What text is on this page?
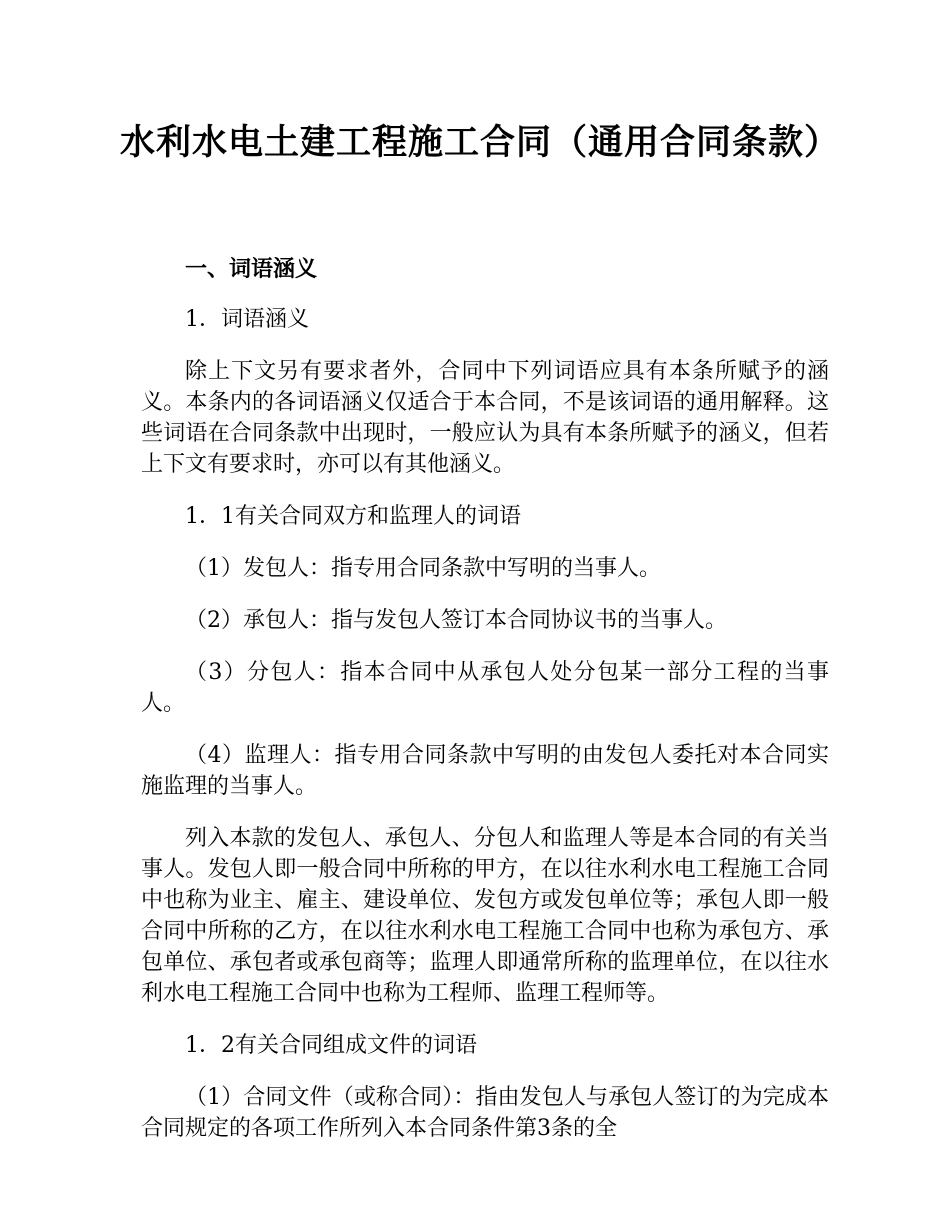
水利水电土建工程施工合同（通用合同条款）

一、词语涵义

1．词语涵义

除上下文另有要求者外，合同中下列词语应具有本条所赋予的涵义。本条内的各词语涵义仅适合于本合同，不是该词语的通用解释。这些词语在合同条款中出现时，一般应认为具有本条所赋予的涵义，但若上下文有要求时，亦可以有其他涵义。

1．1有关合同双方和监理人的词语

（1）发包人：指专用合同条款中写明的当事人。

（2）承包人：指与发包人签订本合同协议书的当事人。

（3）分包人：指本合同中从承包人处分包某一部分工程的当事人。

（4）监理人：指专用合同条款中写明的由发包人委托对本合同实施监理的当事人。

列入本款的发包人、承包人、分包人和监理人等是本合同的有关当事人。发包人即一般合同中所称的甲方，在以往水利水电工程施工合同中也称为业主、雇主、建设单位、发包方或发包单位等；承包人即一般合同中所称的乙方，在以往水利水电工程施工合同中也称为承包方、承包单位、承包者或承包商等；监理人即通常所称的监理单位，在以往水利水电工程施工合同中也称为工程师、监理工程师等。

1．2有关合同组成文件的词语

（1）合同文件（或称合同）：指由发包人与承包人签订的为完成本合同规定的各项工作所列入本合同条件第3条的全
